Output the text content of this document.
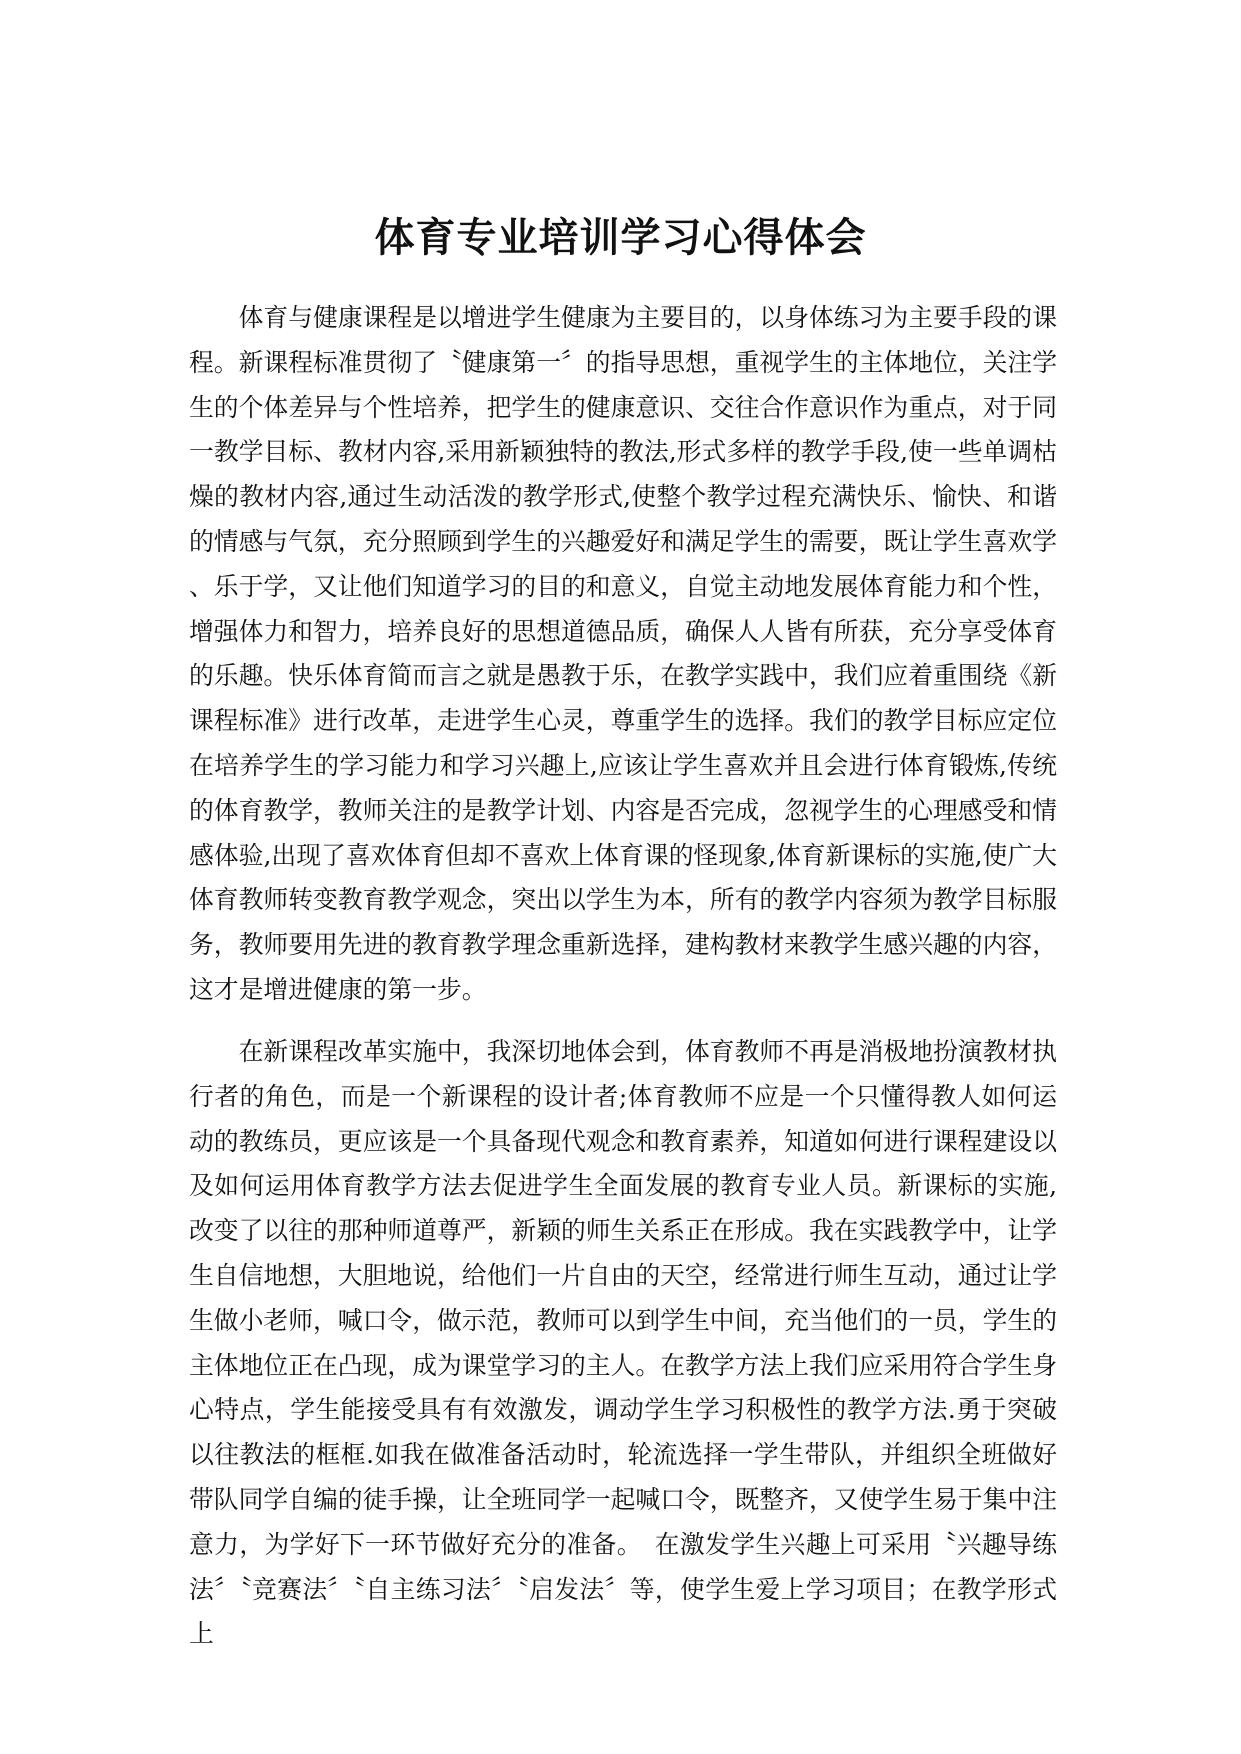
体育专业培训学习心得体会

体育与健康课程是以增进学生健康为主要目的，以身体练习为主要手段的课程。新课程标准贯彻了〝健康第一〞的指导思想，重视学生的主体地位，关注学生的个体差异与个性培养，把学生的健康意识、交往合作意识作为重点，对于同一教学目标、教材内容,采用新颖独特的教法,形式多样的教学手段,使一些单调枯燥的教材内容,通过生动活泼的教学形式,使整个教学过程充满快乐、愉快、和谐的情感与气氛，充分照顾到学生的兴趣爱好和满足学生的需要，既让学生喜欢学、乐于学，又让他们知道学习的目的和意义，自觉主动地发展体育能力和个性，增强体力和智力，培养良好的思想道德品质，确保人人皆有所获，充分享受体育的乐趣。快乐体育简而言之就是愚教于乐，在教学实践中，我们应着重围绕《新课程标准》进行改革，走进学生心灵，尊重学生的选择。我们的教学目标应定位在培养学生的学习能力和学习兴趣上,应该让学生喜欢并且会进行体育锻炼,传统的体育教学，教师关注的是教学计划、内容是否完成，忽视学生的心理感受和情感体验,出现了喜欢体育但却不喜欢上体育课的怪现象,体育新课标的实施,使广大体育教师转变教育教学观念，突出以学生为本，所有的教学内容须为教学目标服务，教师要用先进的教育教学理念重新选择，建构教材来教学生感兴趣的内容，这才是增进健康的第一步。

在新课程改革实施中，我深切地体会到，体育教师不再是消极地扮演教材执行者的角色，而是一个新课程的设计者;体育教师不应是一个只懂得教人如何运动的教练员，更应该是一个具备现代观念和教育素养，知道如何进行课程建设以及如何运用体育教学方法去促进学生全面发展的教育专业人员。新课标的实施,改变了以往的那种师道尊严，新颖的师生关系正在形成。我在实践教学中，让学生自信地想，大胆地说，给他们一片自由的天空，经常进行师生互动，通过让学生做小老师，喊口令，做示范，教师可以到学生中间，充当他们的一员，学生的主体地位正在凸现，成为课堂学习的主人。在教学方法上我们应采用符合学生身心特点，学生能接受具有有效激发，调动学生学习积极性的教学方法.勇于突破以往教法的框框.如我在做准备活动时，轮流选择一学生带队，并组织全班做好带队同学自编的徒手操，让全班同学一起喊口令，既整齐，又使学生易于集中注意力，为学好下一环节做好充分的准备。　在激发学生兴趣上可采用〝兴趣导练法〞〝竞赛法〞〝自主练习法〞〝启发法〞等，使学生爱上学习项目；在教学形式上
